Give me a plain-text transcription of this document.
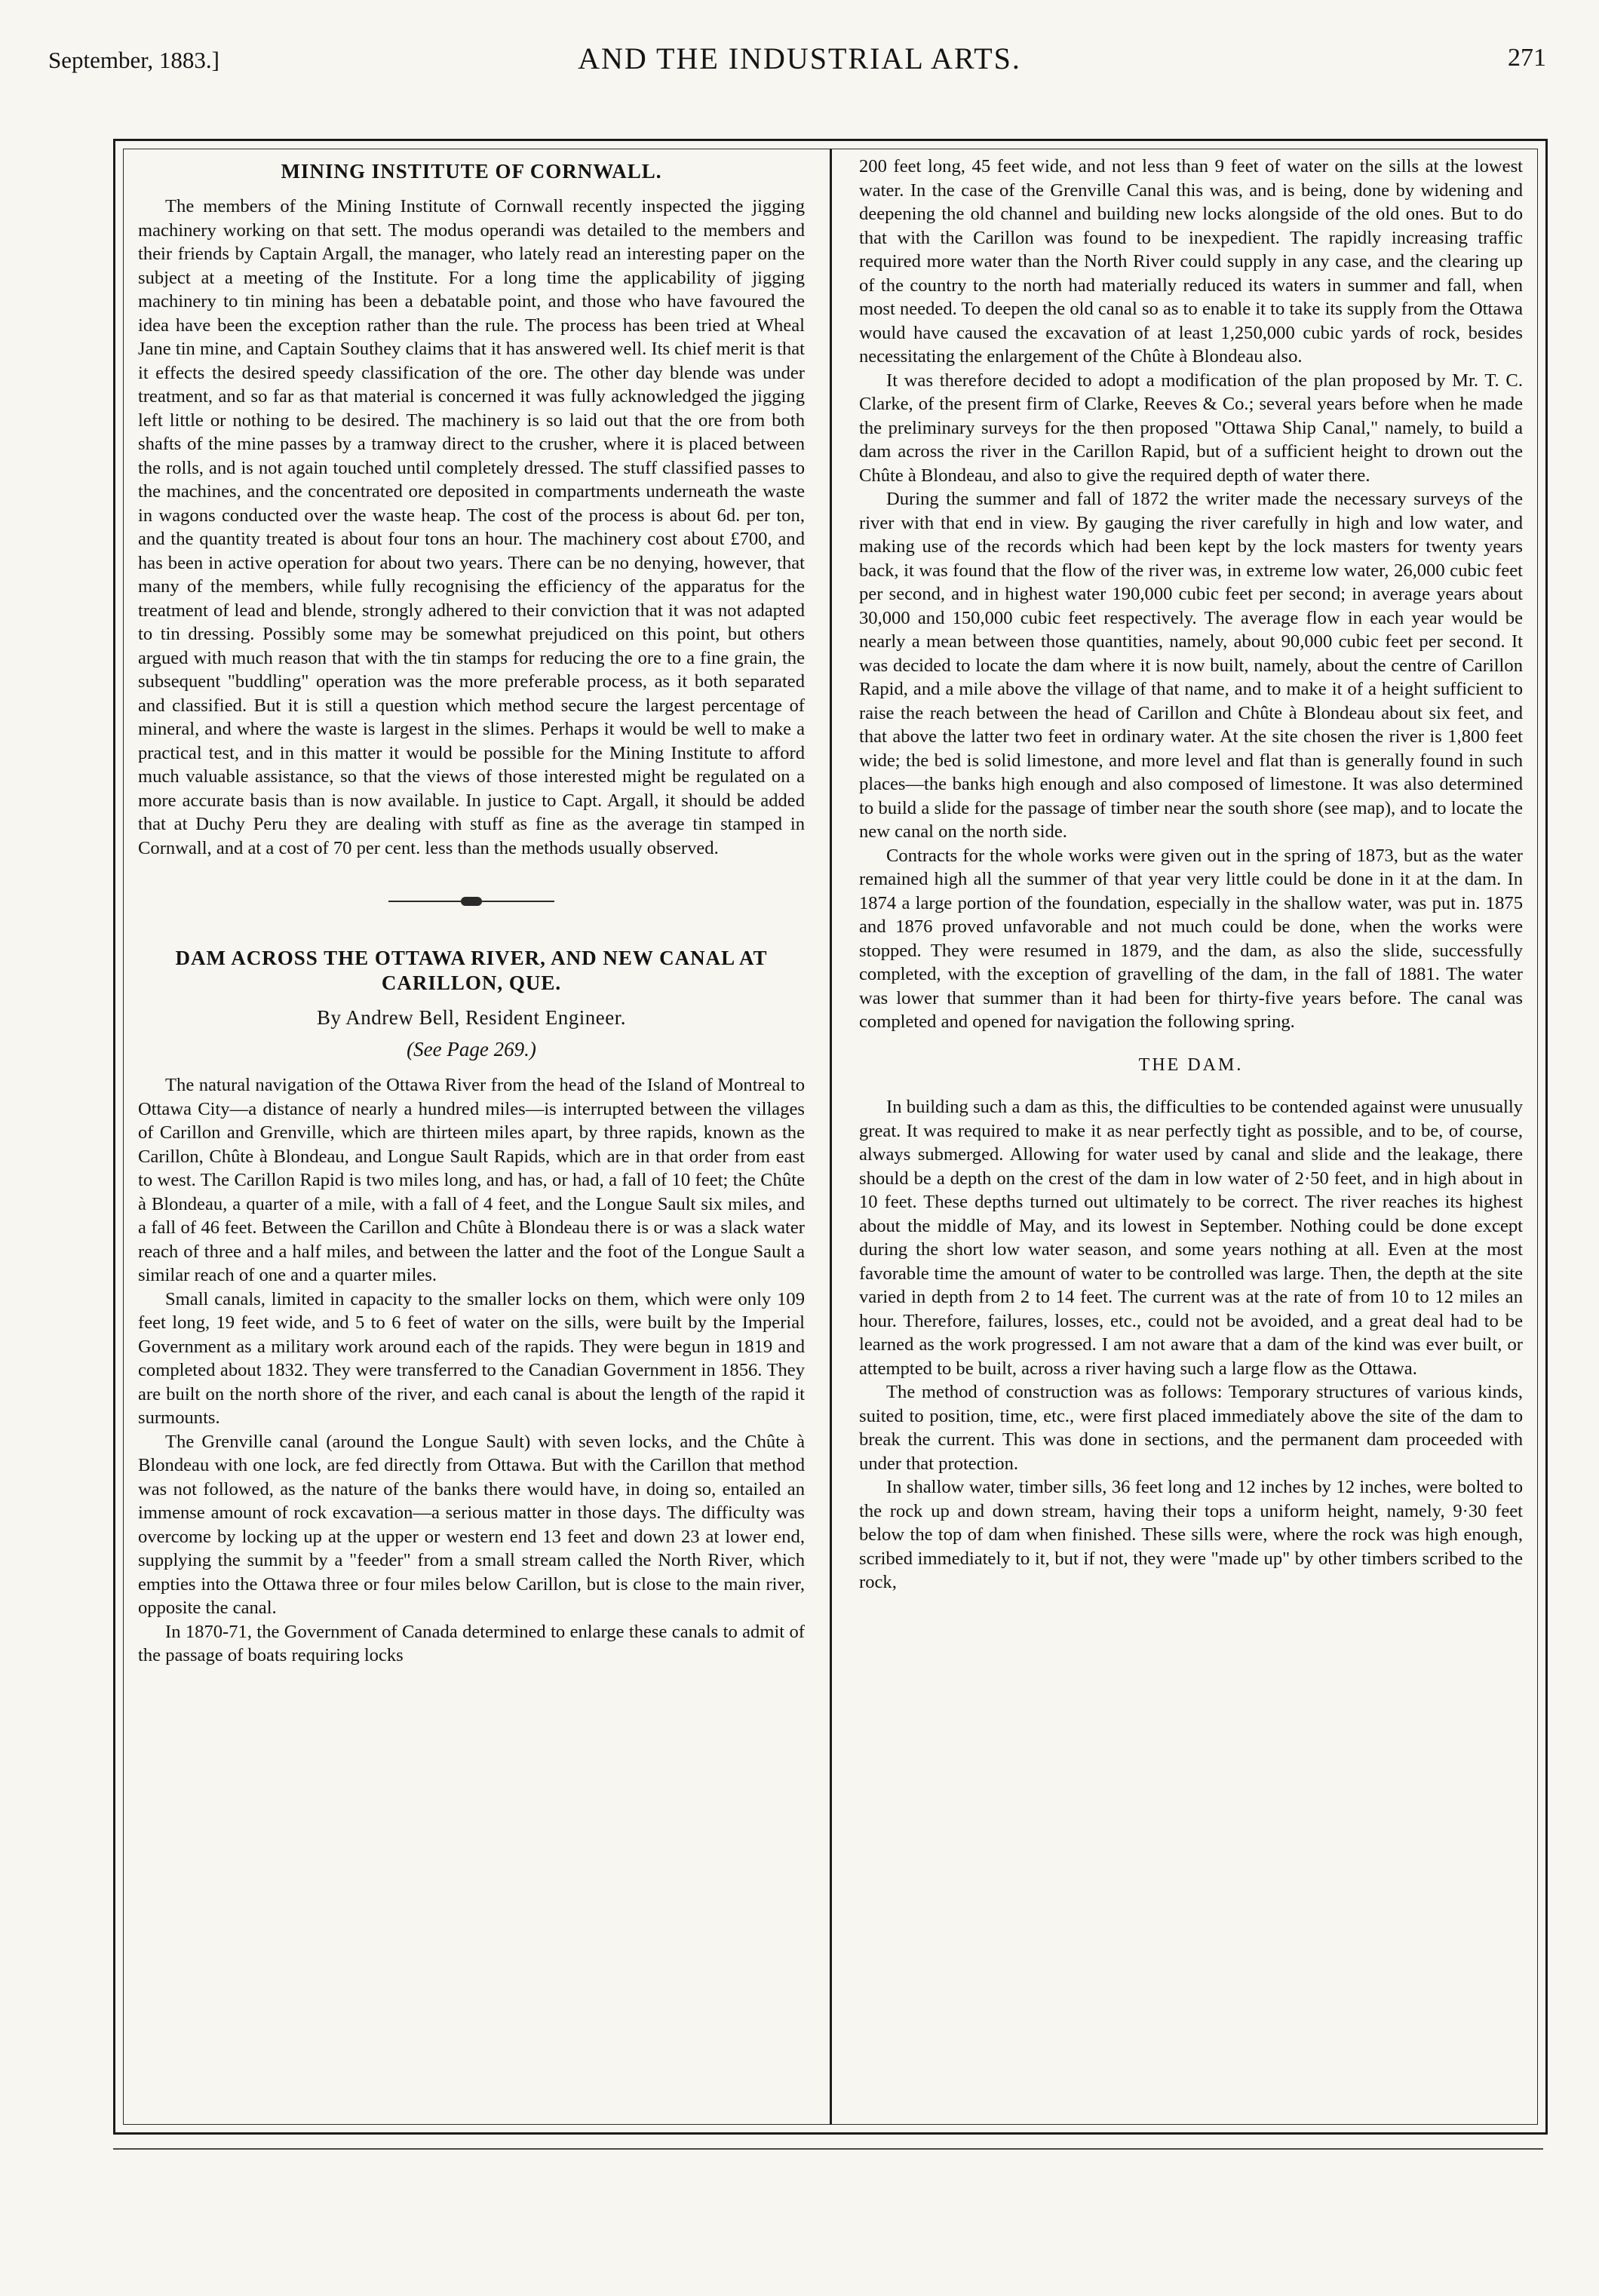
September, 1883.]	AND THE INDUSTRIAL ARTS.	271
MINING INSTITUTE OF CORNWALL.

The members of the Mining Institute of Cornwall recently inspected the jigging machinery working on that sett. The modus operandi was detailed to the members and their friends by Captain Argall, the manager, who lately read an interesting paper on the subject at a meeting of the Institute. For a long time the applicability of jigging machinery to tin mining has been a debatable point, and those who have favoured the idea have been the exception rather than the rule. The process has been tried at Wheal Jane tin mine, and Captain Southey claims that it has answered well. Its chief merit is that it effects the desired speedy classification of the ore. The other day blende was under treatment, and so far as that material is concerned it was fully acknowledged the jigging left little or nothing to be desired. The machinery is so laid out that the ore from both shafts of the mine passes by a tramway direct to the crusher, where it is placed between the rolls, and is not again touched until completely dressed. The stuff classified passes to the machines, and the concentrated ore deposited in compartments underneath the waste in wagons conducted over the waste heap. The cost of the process is about 6d. per ton, and the quantity treated is about four tons an hour. The machinery cost about £700, and has been in active operation for about two years. There can be no denying, however, that many of the members, while fully recognising the efficiency of the apparatus for the treatment of lead and blende, strongly adhered to their conviction that it was not adapted to tin dressing. Possibly some may be somewhat prejudiced on this point, but others argued with much reason that with the tin stamps for reducing the ore to a fine grain, the subsequent "buddling" operation was the more preferable process, as it both separated and classified. But it is still a question which method secure the largest percentage of mineral, and where the waste is largest in the slimes. Perhaps it would be well to make a practical test, and in this matter it would be possible for the Mining Institute to afford much valuable assistance, so that the views of those interested might be regulated on a more accurate basis than is now available. In justice to Capt. Argall, it should be added that at Duchy Peru they are dealing with stuff as fine as the average tin stamped in Cornwall, and at a cost of 70 per cent. less than the methods usually observed.

DAM ACROSS THE OTTAWA RIVER, AND NEW CANAL AT CARILLON, QUE.
By Andrew Bell, Resident Engineer.
(See Page 269.)

The natural navigation of the Ottawa River from the head of the Island of Montreal to Ottawa City—a distance of nearly a hundred miles—is interrupted between the villages of Carillon and Grenville, which are thirteen miles apart, by three rapids, known as the Carillon, Chûte à Blondeau, and Longue Sault Rapids, which are in that order from east to west. The Carillon Rapid is two miles long, and has, or had, a fall of 10 feet; the Chûte à Blondeau, a quarter of a mile, with a fall of 4 feet, and the Longue Sault six miles, and a fall of 46 feet. Between the Carillon and Chûte à Blondeau there is or was a slack water reach of three and a half miles, and between the latter and the foot of the Longue Sault a similar reach of one and a quarter miles.

Small canals, limited in capacity to the smaller locks on them, which were only 109 feet long, 19 feet wide, and 5 to 6 feet of water on the sills, were built by the Imperial Government as a military work around each of the rapids. They were begun in 1819 and completed about 1832. They were transferred to the Canadian Government in 1856. They are built on the north shore of the river, and each canal is about the length of the rapid it surmounts.

The Grenville canal (around the Longue Sault) with seven locks, and the Chûte à Blondeau with one lock, are fed directly from Ottawa. But with the Carillon that method was not followed, as the nature of the banks there would have, in doing so, entailed an immense amount of rock excavation—a serious matter in those days. The difficulty was overcome by locking up at the upper or western end 13 feet and down 23 at lower end, supplying the summit by a "feeder" from a small stream called the North River, which empties into the Ottawa three or four miles below Carillon, but is close to the main river, opposite the canal.

In 1870-71, the Government of Canada determined to enlarge these canals to admit of the passage of boats requiring locks

200 feet long, 45 feet wide, and not less than 9 feet of water on the sills at the lowest water. In the case of the Grenville Canal this was, and is being, done by widening and deepening the old channel and building new locks alongside of the old ones. But to do that with the Carillon was found to be inexpedient. The rapidly increasing traffic required more water than the North River could supply in any case, and the clearing up of the country to the north had materially reduced its waters in summer and fall, when most needed. To deepen the old canal so as to enable it to take its supply from the Ottawa would have caused the excavation of at least 1,250,000 cubic yards of rock, besides necessitating the enlargement of the Chûte à Blondeau also.

It was therefore decided to adopt a modification of the plan proposed by Mr. T. C. Clarke, of the present firm of Clarke, Reeves & Co.; several years before when he made the preliminary surveys for the then proposed "Ottawa Ship Canal," namely, to build a dam across the river in the Carillon Rapid, but of a sufficient height to drown out the Chûte à Blondeau, and also to give the required depth of water there.

During the summer and fall of 1872 the writer made the necessary surveys of the river with that end in view. By gauging the river carefully in high and low water, and making use of the records which had been kept by the lock masters for twenty years back, it was found that the flow of the river was, in extreme low water, 26,000 cubic feet per second, and in highest water 190,000 cubic feet per second; in average years about 30,000 and 150,000 cubic feet respectively. The average flow in each year would be nearly a mean between those quantities, namely, about 90,000 cubic feet per second. It was decided to locate the dam where it is now built, namely, about the centre of Carillon Rapid, and a mile above the village of that name, and to make it of a height sufficient to raise the reach between the head of Carillon and Chûte à Blondeau about six feet, and that above the latter two feet in ordinary water. At the site chosen the river is 1,800 feet wide; the bed is solid limestone, and more level and flat than is generally found in such places—the banks high enough and also composed of limestone. It was also determined to build a slide for the passage of timber near the south shore (see map), and to locate the new canal on the north side.

Contracts for the whole works were given out in the spring of 1873, but as the water remained high all the summer of that year very little could be done in it at the dam. In 1874 a large portion of the foundation, especially in the shallow water, was put in. 1875 and 1876 proved unfavorable and not much could be done, when the works were stopped. They were resumed in 1879, and the dam, as also the slide, successfully completed, with the exception of gravelling of the dam, in the fall of 1881. The water was lower that summer than it had been for thirty-five years before. The canal was completed and opened for navigation the following spring.

THE DAM.

In building such a dam as this, the difficulties to be contended against were unusually great. It was required to make it as near perfectly tight as possible, and to be, of course, always submerged. Allowing for water used by canal and slide and the leakage, there should be a depth on the crest of the dam in low water of 2·50 feet, and in high about in 10 feet. These depths turned out ultimately to be correct. The river reaches its highest about the middle of May, and its lowest in September. Nothing could be done except during the short low water season, and some years nothing at all. Even at the most favorable time the amount of water to be controlled was large. Then, the depth at the site varied in depth from 2 to 14 feet. The current was at the rate of from 10 to 12 miles an hour. Therefore, failures, losses, etc., could not be avoided, and a great deal had to be learned as the work progressed. I am not aware that a dam of the kind was ever built, or attempted to be built, across a river having such a large flow as the Ottawa.

The method of construction was as follows: Temporary structures of various kinds, suited to position, time, etc., were first placed immediately above the site of the dam to break the current. This was done in sections, and the permanent dam proceeded with under that protection.

In shallow water, timber sills, 36 feet long and 12 inches by 12 inches, were bolted to the rock up and down stream, having their tops a uniform height, namely, 9·30 feet below the top of dam when finished. These sills were, where the rock was high enough, scribed immediately to it, but if not, they were "made up" by other timbers scribed to the rock,
